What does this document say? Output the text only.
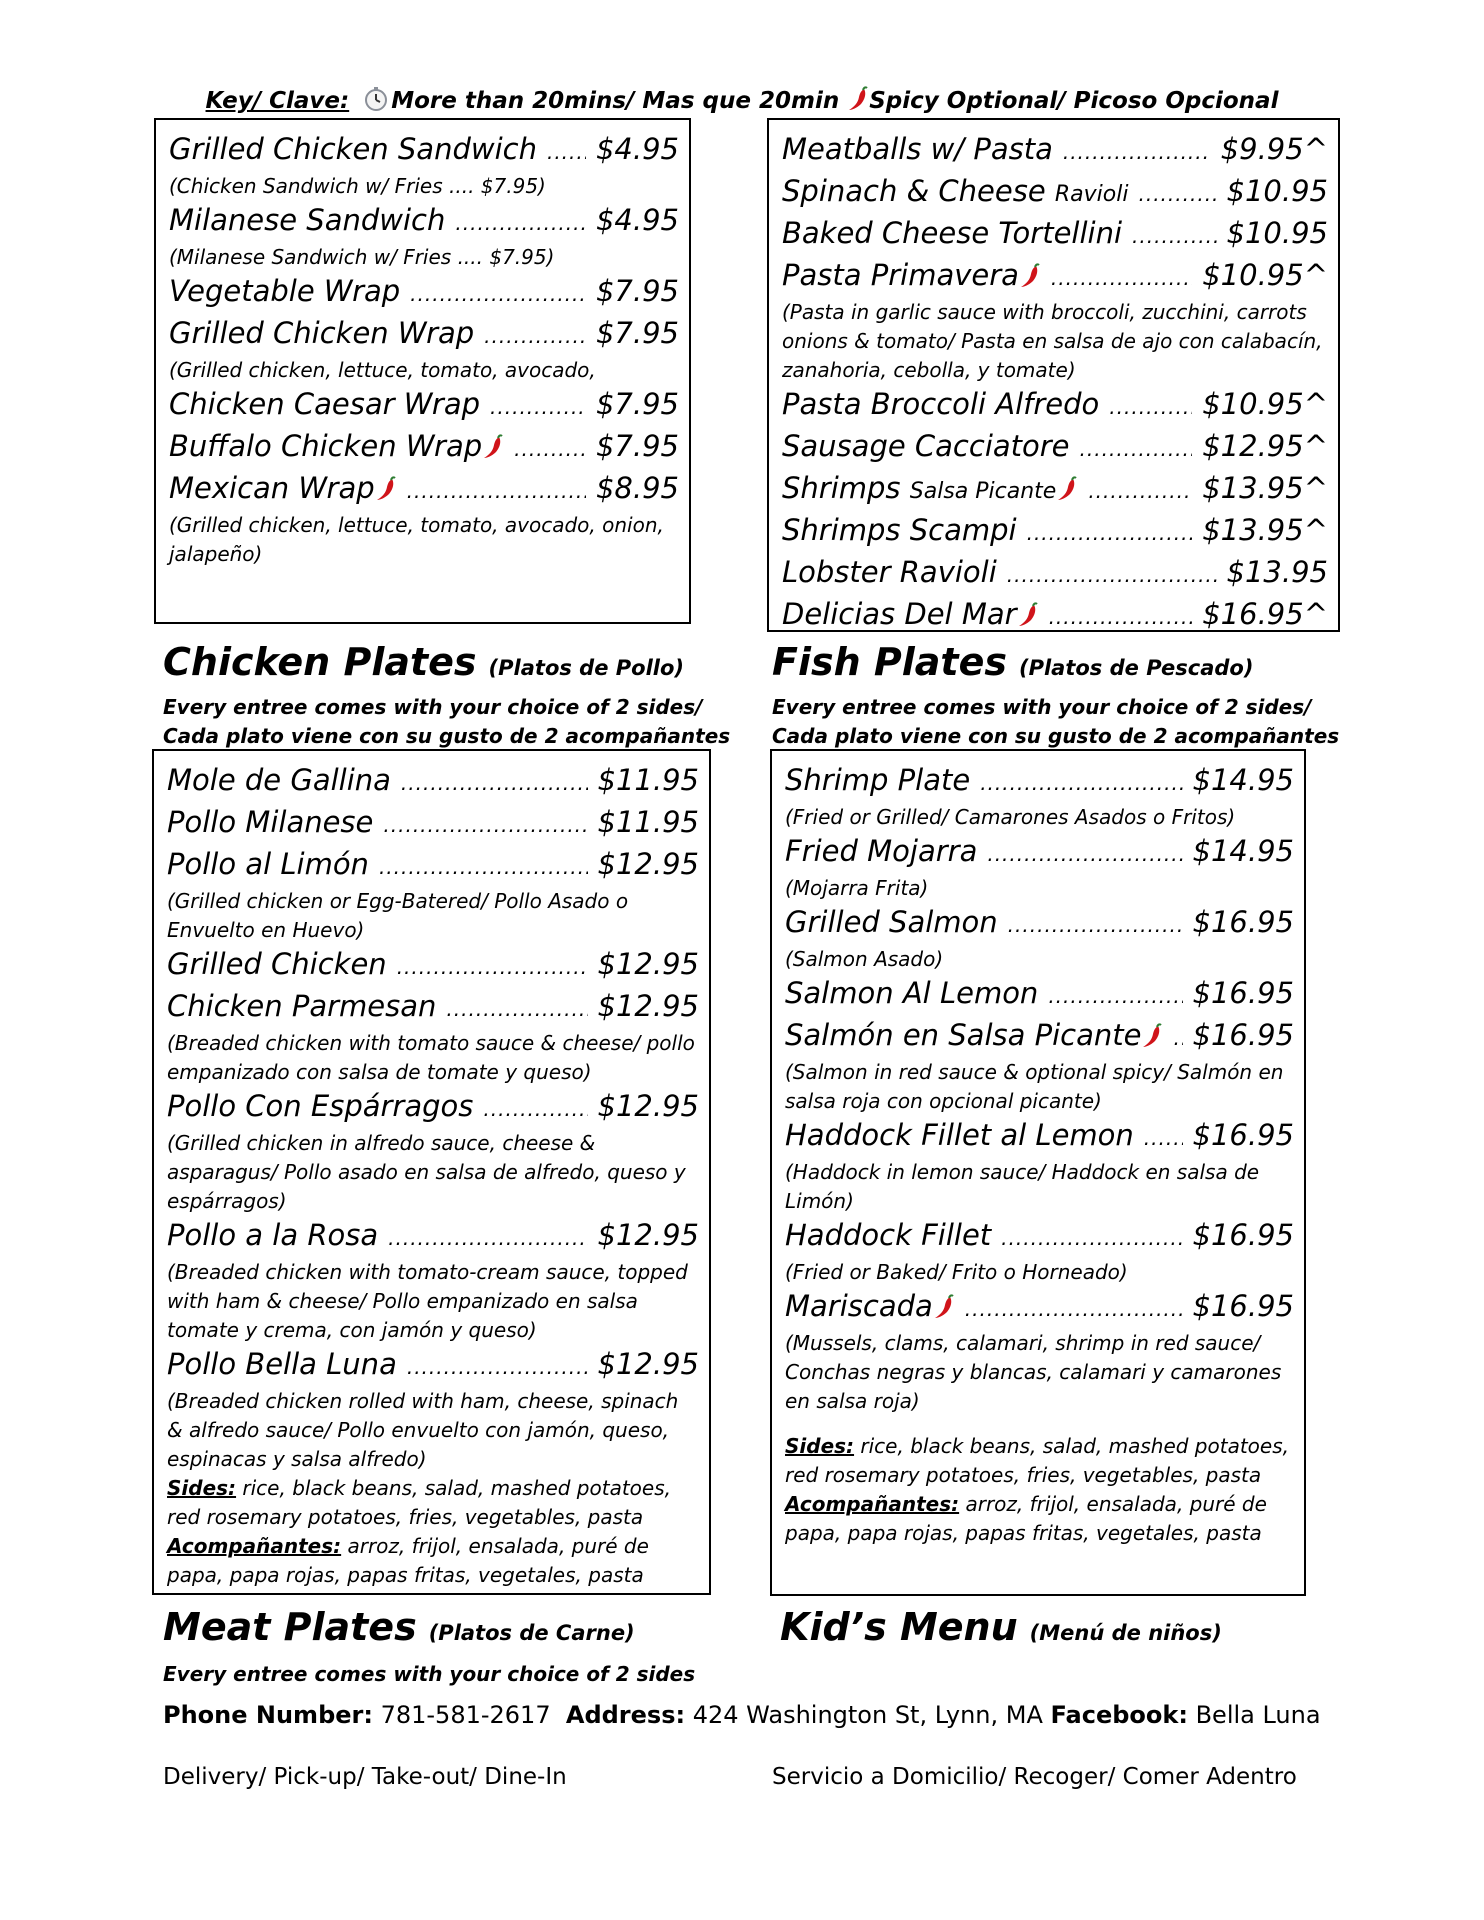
Key/ Clave: More than 20mins/ Mas que 20min Spicy Optional/ Picoso Opcional
Grilled Chicken Sandwich ..... $4.95
(Chicken Sandwich w/ Fries .... $7.95)
Milanese Sandwich .....	$4.95
(Milanese Sandwich w/ Fries .... $7.95)
Vegetable Wrap .....	$7.95
Grilled Chicken Wrap .....	$7.95
(Grilled chicken, lettuce, tomato, avocado,
Chicken Caesar Wrap .....	$7.95
Buffalo Chicken Wrap .....	$7.95
Mexican Wrap .....	$8.95
(Grilled chicken, lettuce, tomato, avocado, onion, jalapeño)
Meatballs w/ Pasta .....	$9.95^
Spinach & Cheese Ravioli .....	$10.95
Baked Cheese Tortellini .....	$10.95
Pasta Primavera .....	$10.95^
(Pasta in garlic sauce with broccoli, zucchini, carrots onions & tomato/ Pasta en salsa de ajo con calabacín, zanahoria, cebolla, y tomate)
Pasta Broccoli Alfredo .....	$10.95^
Sausage Cacciatore .....	$12.95^
Shrimps Salsa Picante .....	$13.95^
Shrimps Scampi .....	$13.95^
Lobster Ravioli .....	$13.95
Delicias Del Mar .....	$16.95^
Chicken Plates (Platos de Pollo)
Every entree comes with your choice of 2 sides/
Cada plato viene con su gusto de 2 acompañantes
Fish Plates (Platos de Pescado)
Every entree comes with your choice of 2 sides/
Cada plato viene con su gusto de 2 acompañantes
Mole de Gallina .....	$11.95
Pollo Milanese .....	$11.95
Pollo al Limón .....	$12.95
(Grilled chicken or Egg-Batered/ Pollo Asado o Envuelto en Huevo)
Grilled Chicken .....	$12.95
Chicken Parmesan .....	$12.95
(Breaded chicken with tomato sauce & cheese/ pollo empanizado con salsa de tomate y queso)
Pollo Con Espárragos .....	$12.95
(Grilled chicken in alfredo sauce, cheese & asparagus/ Pollo asado en salsa de alfredo, queso y espárragos)
Pollo a la Rosa .....	$12.95
(Breaded chicken with tomato-cream sauce, topped with ham & cheese/ Pollo empanizado en salsa tomate y crema, con jamón y queso)
Pollo Bella Luna .....	$12.95
(Breaded chicken rolled with ham, cheese, spinach & alfredo sauce/ Pollo envuelto con jamón, queso, espinacas y salsa alfredo)
Sides: rice, black beans, salad, mashed potatoes, red rosemary potatoes, fries, vegetables, pasta
Acompañantes: arroz, frijol, ensalada, puré de papa, papa rojas, papas fritas, vegetales, pasta
Shrimp Plate .....	$14.95
(Fried or Grilled/ Camarones Asados o Fritos)
Fried Mojarra .....	$14.95
(Mojarra Frita)
Grilled Salmon .....	$16.95
(Salmon Asado)
Salmon Al Lemon .....	$16.95
Salmón en Salsa Picante .....	$16.95
(Salmon in red sauce & optional spicy/ Salmón en salsa roja con opcional picante)
Haddock Fillet al Lemon ..... $16.95
(Haddock in lemon sauce/ Haddock en salsa de Limón)
Haddock Fillet .....	$16.95
(Fried or Baked/ Frito o Horneado)
Mariscada .....	$16.95
(Mussels, clams, calamari, shrimp in red sauce/ Conchas negras y blancas, calamari y camarones en salsa roja)
Sides: rice, black beans, salad, mashed potatoes, red rosemary potatoes, fries, vegetables, pasta
Acompañantes: arroz, frijol, ensalada, puré de papa, papa rojas, papas fritas, vegetales, pasta
Meat Plates (Platos de Carne)
Every entree comes with your choice of 2 sides
Kid’s Menu (Menú de niños)
Phone Number: 781-581-2617 Address: 424 Washington St, Lynn, MA Facebook: Bella Luna
Delivery/ Pick-up/ Take-out/ Dine-In	Servicio a Domicilio/ Recoger/ Comer Adentro
